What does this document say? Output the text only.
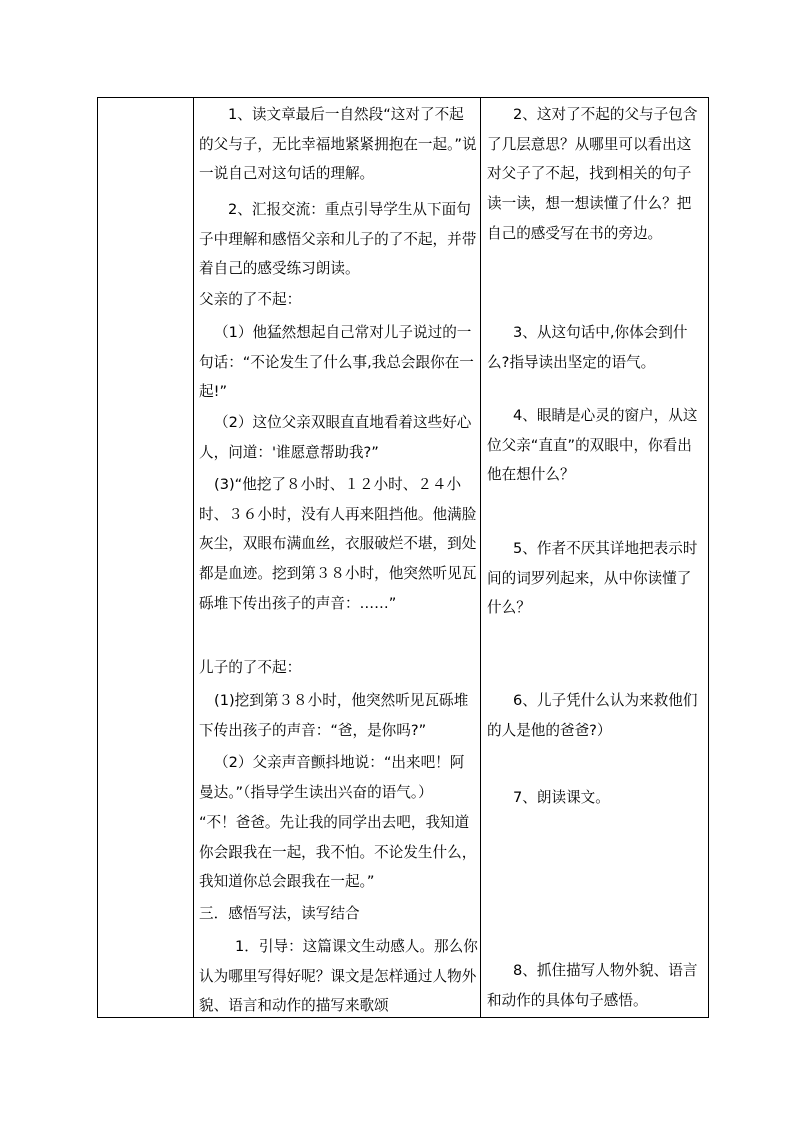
1、读文章最后一自然段“这对了不起的父与子，无比幸福地紧紧拥抱在一起。”说一说自己对这句话的理解。

2、汇报交流：重点引导学生从下面句子中理解和感悟父亲和儿子的了不起，并带着自己的感受练习朗读。

父亲的了不起：

（1）他猛然想起自己常对儿子说过的一句话：“不论发生了什么事,我总会跟你在一起!”

（2）这位父亲双眼直直地看着这些好心人，问道：'谁愿意帮助我?”

(3)“他挖了８小时、１２小时、２４小时、３６小时，没有人再来阻挡他。他满脸灰尘，双眼布满血丝，衣服破烂不堪，到处都是血迹。挖到第３８小时，他突然听见瓦砾堆下传出孩子的声音：……”

儿子的了不起：

(1)挖到第３８小时，他突然听见瓦砾堆下传出孩子的声音：“爸，是你吗?”

（2）父亲声音颤抖地说：“出来吧！阿曼达。”（指导学生读出兴奋的语气。）

“不！爸爸。先让我的同学出去吧，我知道你会跟我在一起，我不怕。不论发生什么，我知道你总会跟我在一起。”

三．感悟写法，读写结合

1．引导：这篇课文生动感人。那么你认为哪里写得好呢？课文是怎样通过人物外貌、语言和动作的描写来歌颂

2、这对了不起的父与子包含了几层意思？从哪里可以看出这对父子了不起，找到相关的句子读一读，想一想读懂了什么？把自己的感受写在书的旁边。

3、从这句话中,你体会到什么?指导读出坚定的语气。

4、眼睛是心灵的窗户，从这位父亲“直直”的双眼中，你看出他在想什么？

5、作者不厌其详地把表示时间的词罗列起来，从中你读懂了什么？

6、儿子凭什么认为来救他们的人是他的爸爸?）

7、朗读课文。

8、抓住描写人物外貌、语言和动作的具体句子感悟。
